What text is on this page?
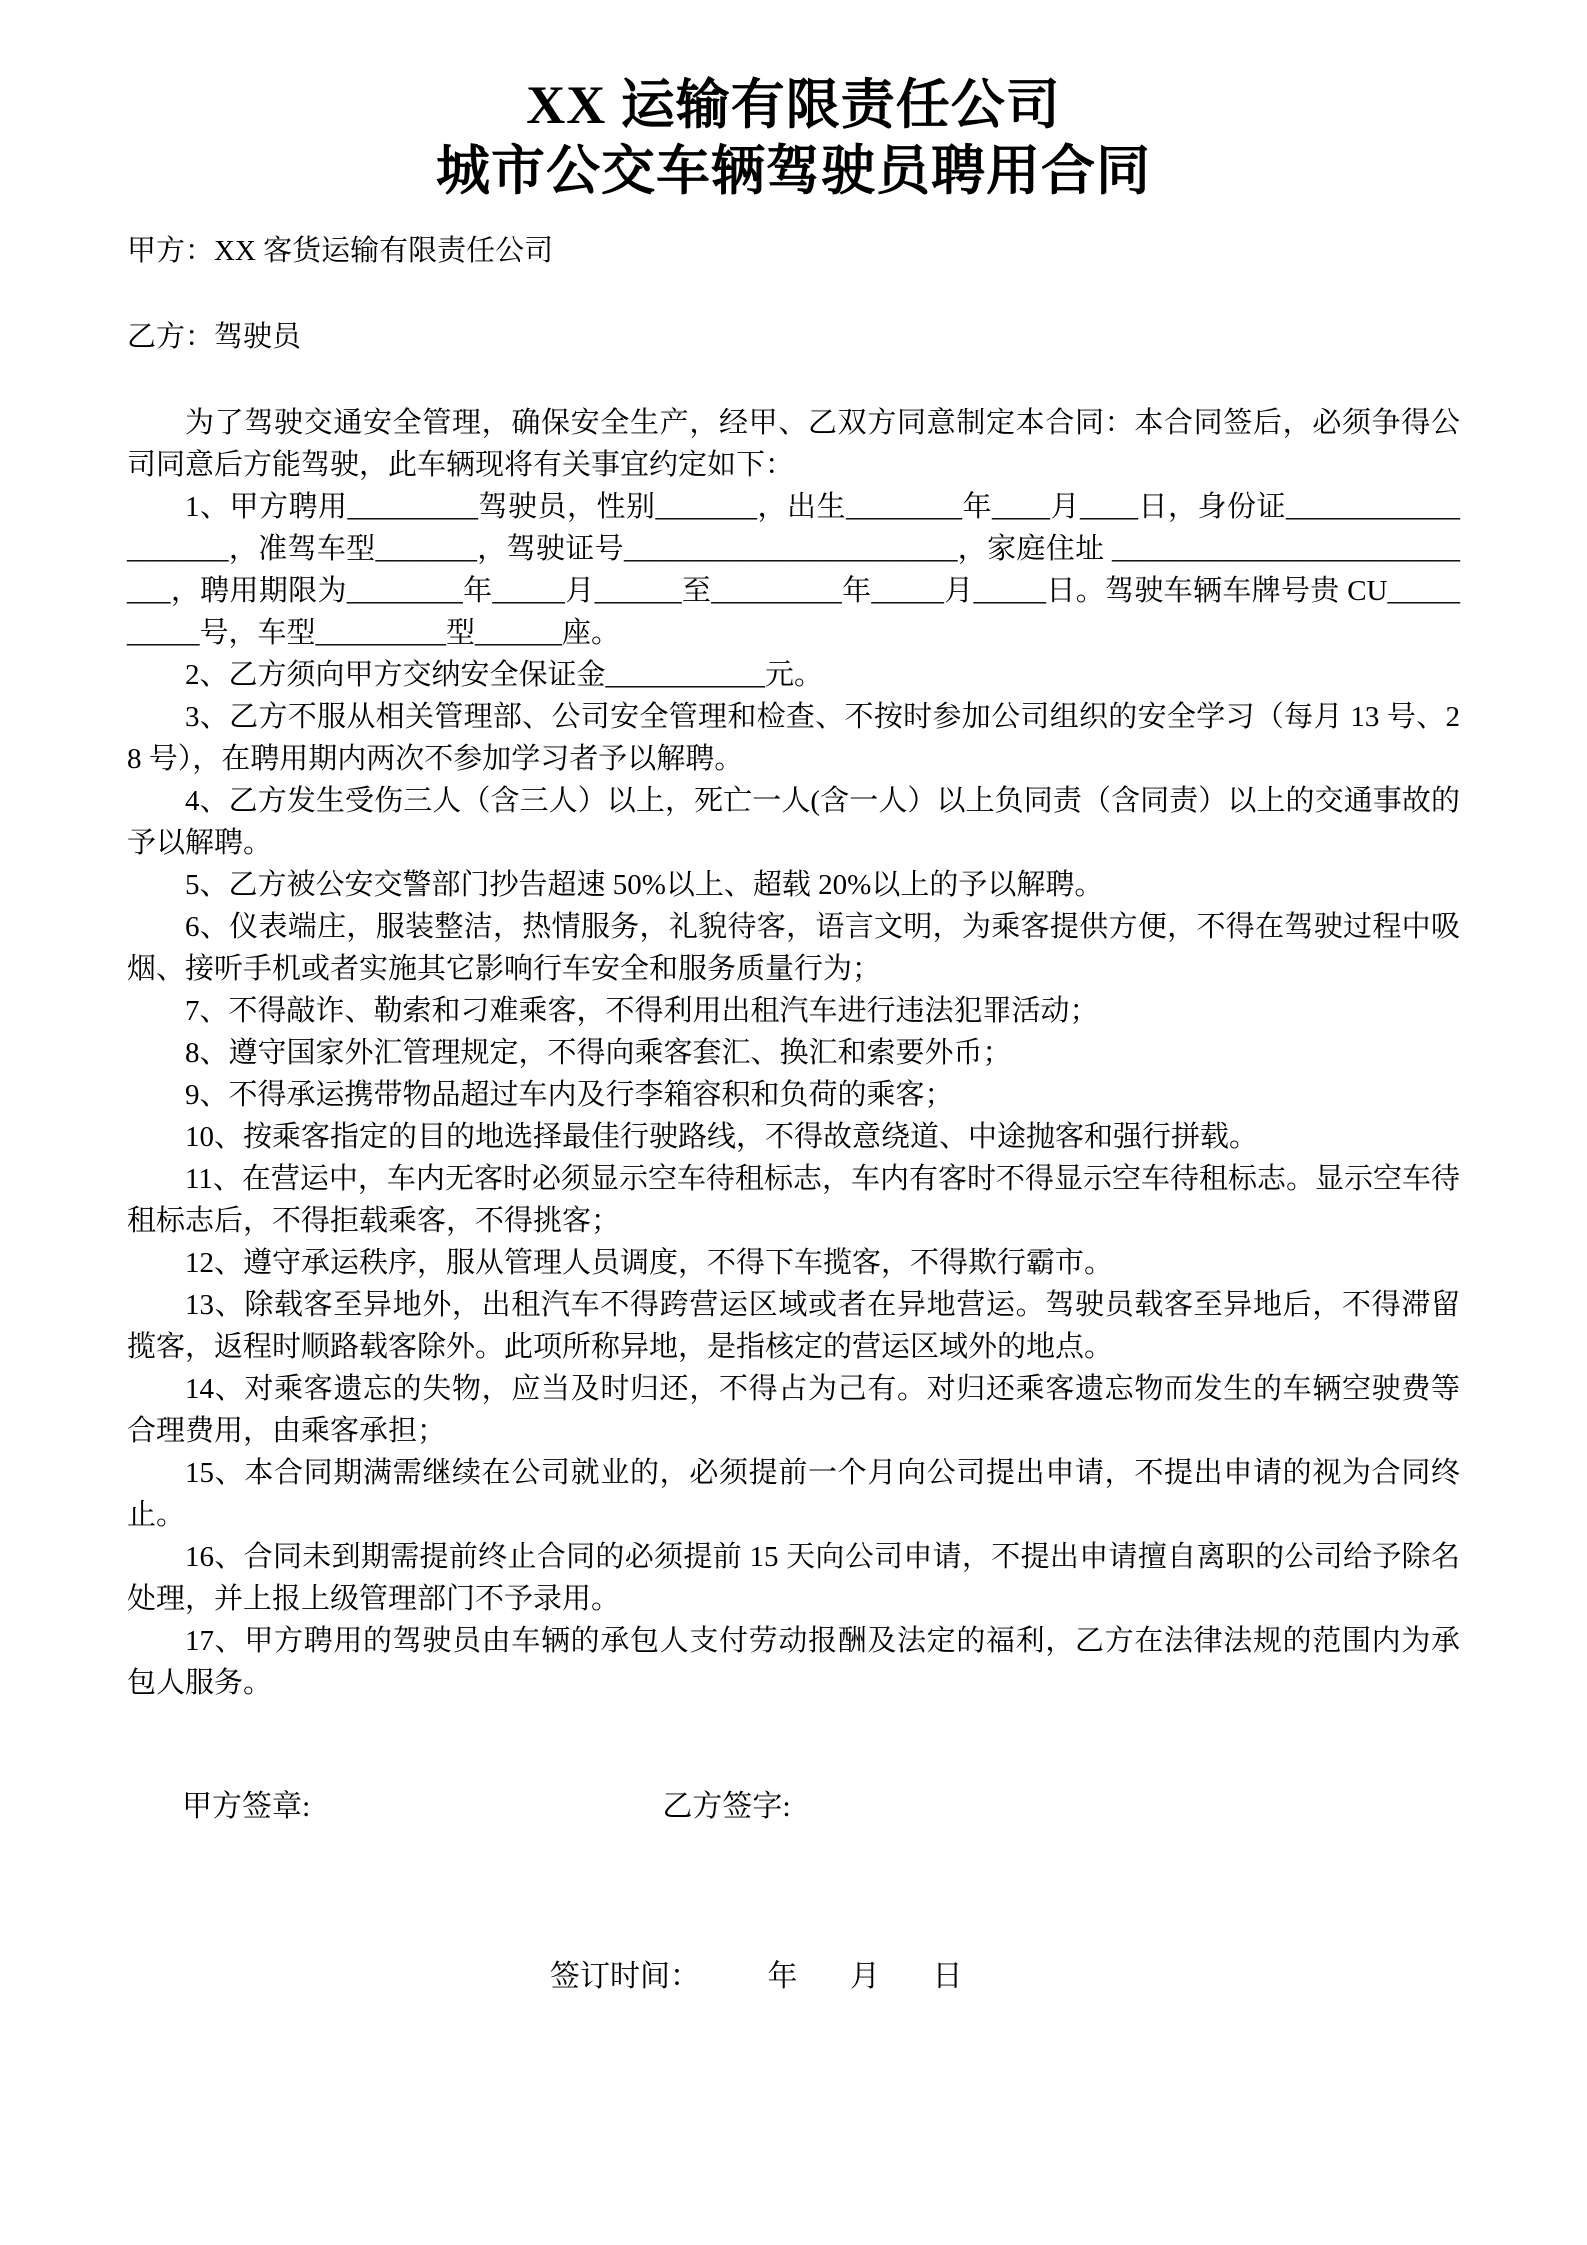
XX 运输有限责任公司
城市公交车辆驾驶员聘用合同

甲方：XX 客货运输有限责任公司

乙方：驾驶员

为了驾驶交通安全管理，确保安全生产，经甲、乙双方同意制定本合同：本合同签后，必须争得公司同意后方能驾驶，此车辆现将有关事宜约定如下：

1、甲方聘用_________驾驶员，性别_______，出生________年____月____日，身份证___________________，准驾车型_______，驾驶证号_______________________，家庭住址 ___________________________，聘用期限为________年_____月______至_________年_____月_____日。驾驶车辆车牌号贵 CU__________号，车型_________型______座。

2、乙方须向甲方交纳安全保证金___________元。

3、乙方不服从相关管理部、公司安全管理和检查、不按时参加公司组织的安全学习（每月 13 号、28 号），在聘用期内两次不参加学习者予以解聘。

4、乙方发生受伤三人（含三人）以上，死亡一人(含一人）以上负同责（含同责）以上的交通事故的予以解聘。

5、乙方被公安交警部门抄告超速 50%以上、超载 20%以上的予以解聘。

6、仪表端庄，服装整洁，热情服务，礼貌待客，语言文明，为乘客提供方便，不得在驾驶过程中吸烟、接听手机或者实施其它影响行车安全和服务质量行为；

7、不得敲诈、勒索和刁难乘客，不得利用出租汽车进行违法犯罪活动；

8、遵守国家外汇管理规定，不得向乘客套汇、换汇和索要外币；

9、不得承运携带物品超过车内及行李箱容积和负荷的乘客；

10、按乘客指定的目的地选择最佳行驶路线，不得故意绕道、中途抛客和强行拼载。

11、在营运中，车内无客时必须显示空车待租标志，车内有客时不得显示空车待租标志。显示空车待租标志后，不得拒载乘客，不得挑客；

12、遵守承运秩序，服从管理人员调度，不得下车揽客，不得欺行霸市。

13、除载客至异地外，出租汽车不得跨营运区域或者在异地营运。驾驶员载客至异地后，不得滞留揽客，返程时顺路载客除外。此项所称异地，是指核定的营运区域外的地点。

14、对乘客遗忘的失物，应当及时归还，不得占为己有。对归还乘客遗忘物而发生的车辆空驶费等合理费用，由乘客承担；

15、本合同期满需继续在公司就业的，必须提前一个月向公司提出申请，不提出申请的视为合同终止。

16、合同未到期需提前终止合同的必须提前 15 天向公司申请，不提出申请擅自离职的公司给予除名处理，并上报上级管理部门不予录用。

17、甲方聘用的驾驶员由车辆的承包人支付劳动报酬及法定的福利，乙方在法律法规的范围内为承包人服务。

甲方签章:	乙方签字:
签订时间：         年       月       日
